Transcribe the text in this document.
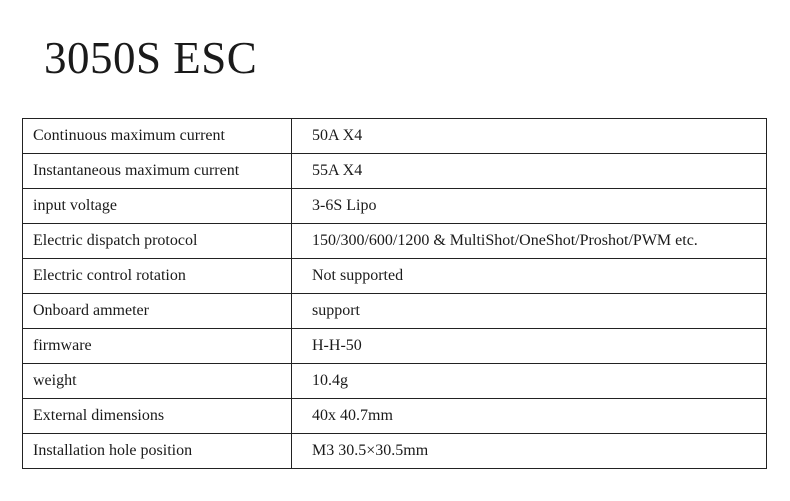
3050S ESC
Continuous maximum current	50A X4
Instantaneous maximum current	55A X4
input voltage	3-6S Lipo
Electric dispatch protocol	150/300/600/1200 & MultiShot/OneShot/Proshot/PWM etc.
Electric control rotation	Not supported
Onboard ammeter	support
firmware	H-H-50
weight	10.4g
External dimensions	40x 40.7mm
Installation hole position	M3 30.5×30.5mm
